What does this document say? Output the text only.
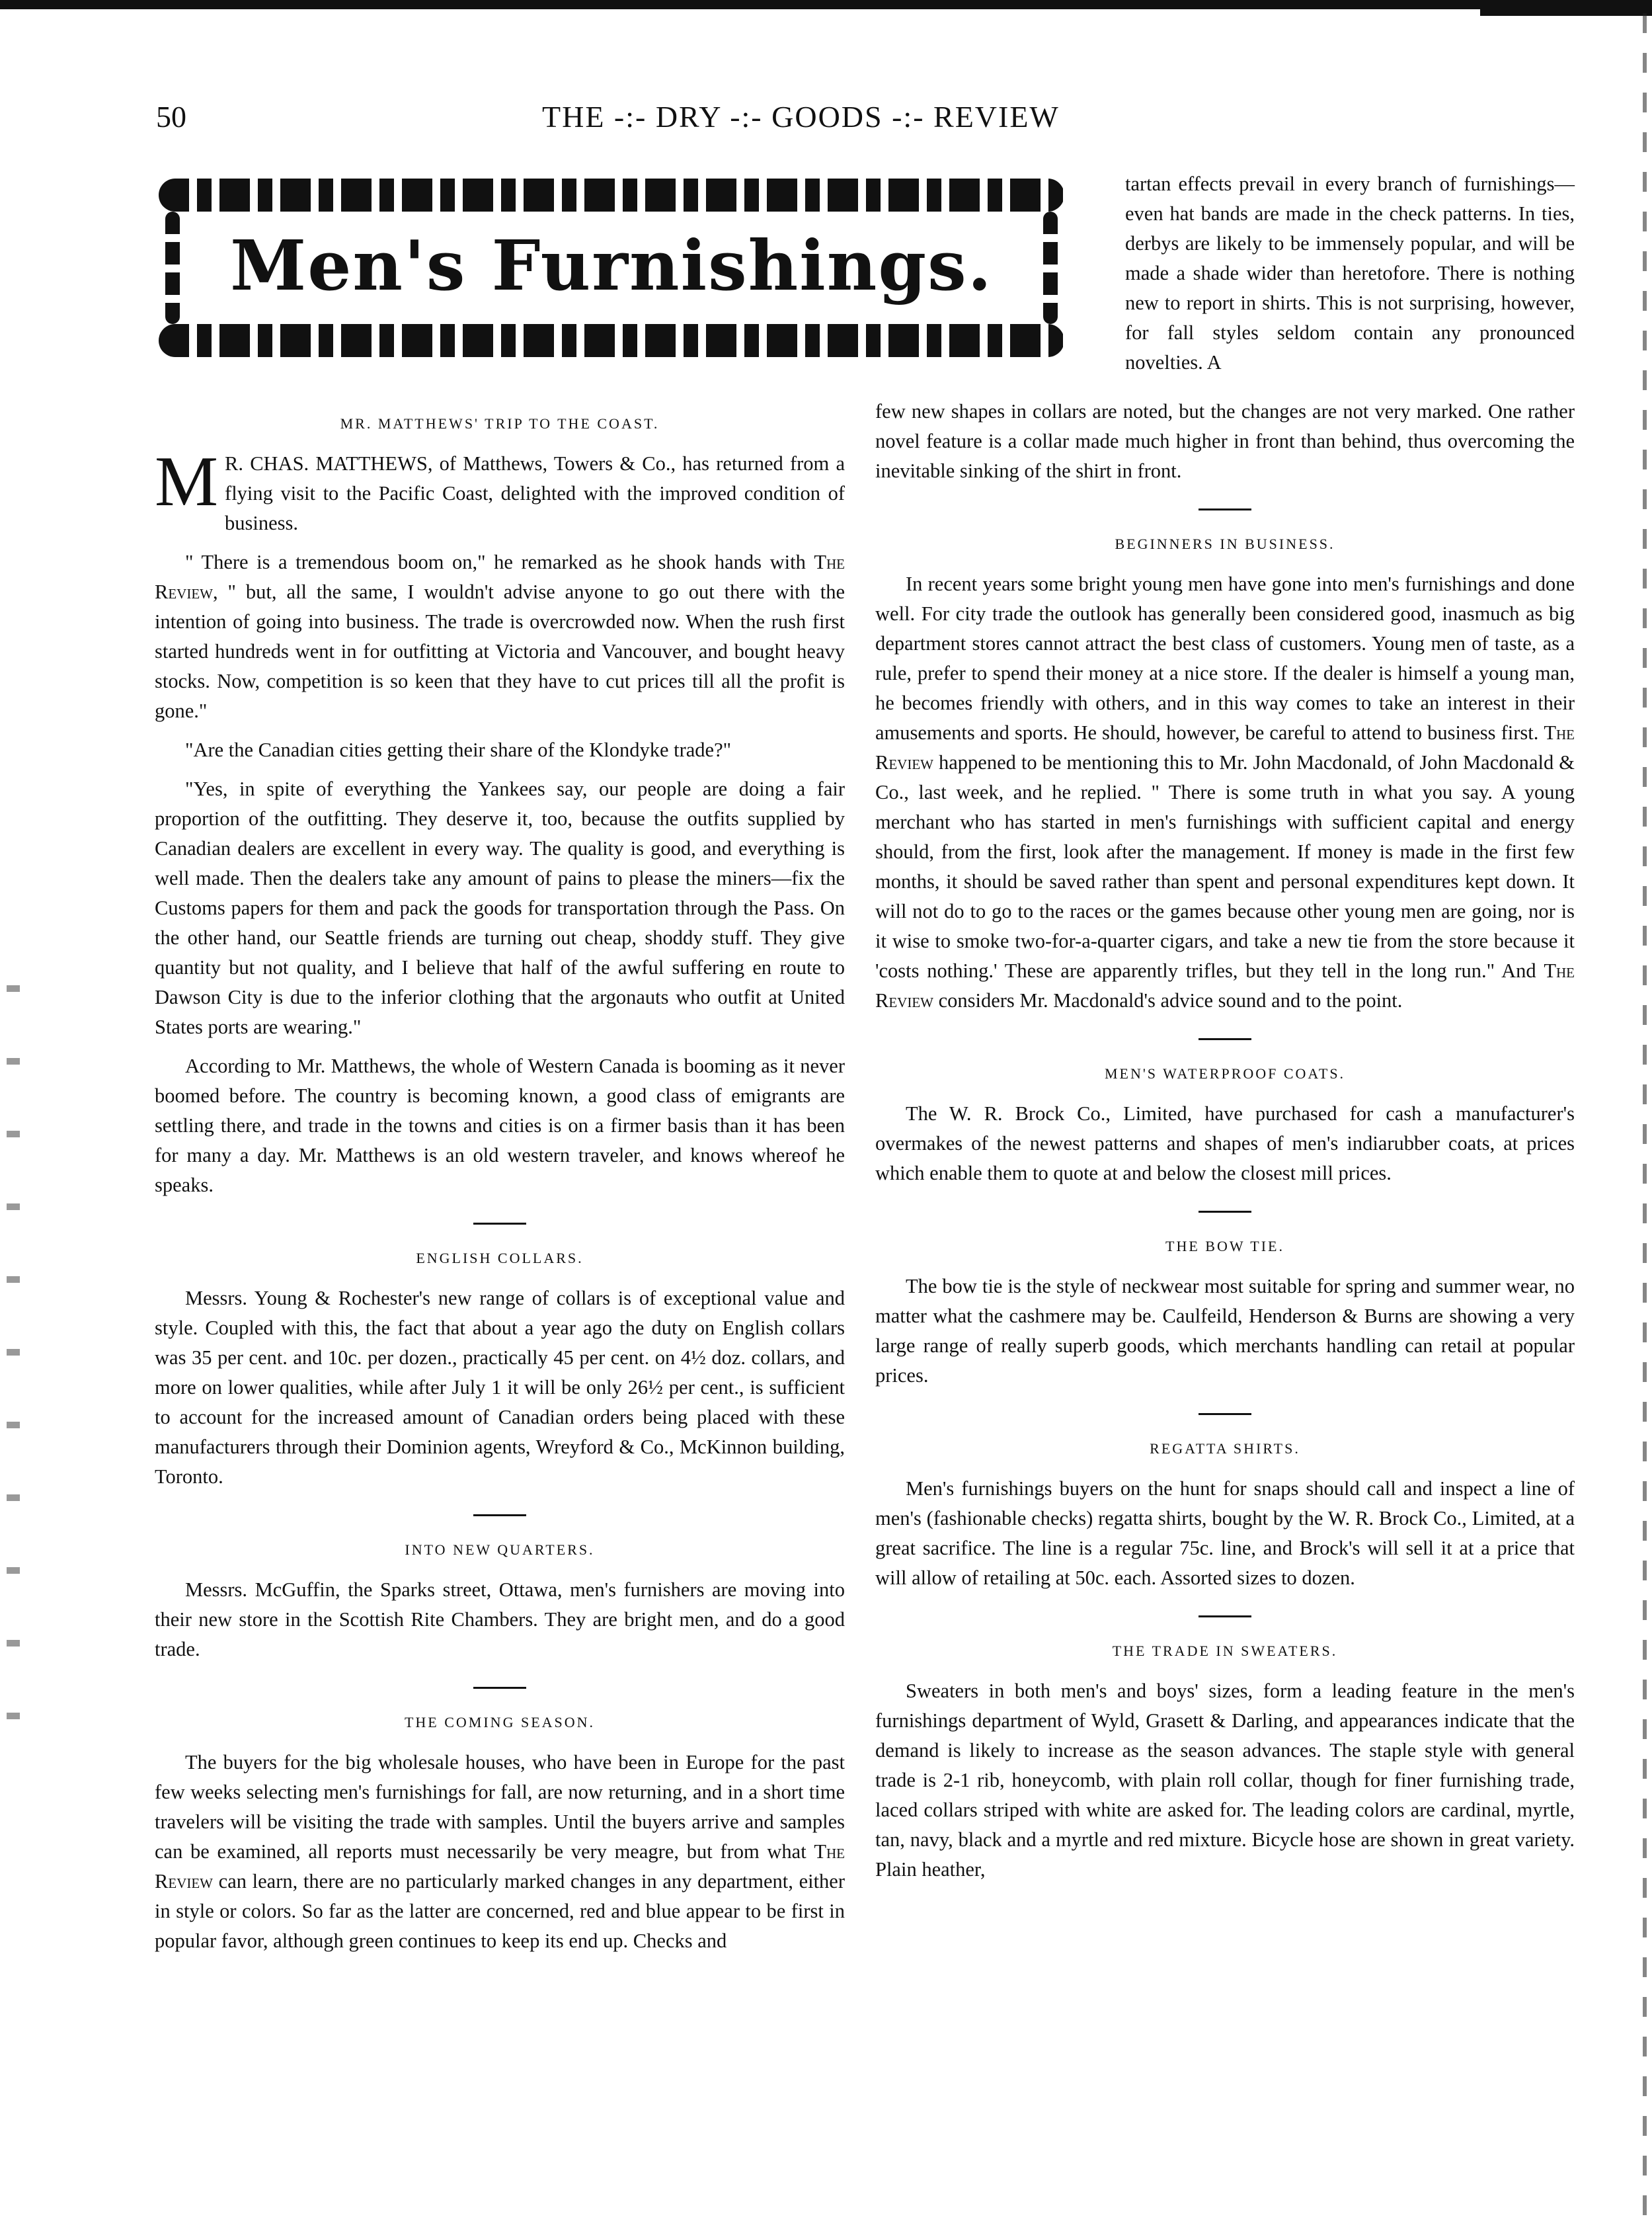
50	THE -:- DRY -:- GOODS -:- REVIEW
Men's Furnishings.

tartan effects prevail in every branch of furnishings—even hat bands are made in the check patterns. In ties, derbys are likely to be immensely popular, and will be made a shade wider than heretofore. There is nothing new to report in shirts. This is not surprising, however, for fall styles seldom contain any pronounced novelties. A

MR. MATTHEWS' TRIP TO THE COAST.

M R. CHAS. MATTHEWS, of Matthews, Towers & Co., has returned from a flying visit to the Pacific Coast, delighted with the improved condition of business.

" There is a tremendous boom on," he remarked as he shook hands with The Review, " but, all the same, I wouldn't advise anyone to go out there with the intention of going into business. The trade is overcrowded now. When the rush first started hundreds went in for outfitting at Victoria and Vancouver, and bought heavy stocks. Now, competition is so keen that they have to cut prices till all the profit is gone."

"Are the Canadian cities getting their share of the Klondyke trade?"

"Yes, in spite of everything the Yankees say, our people are doing a fair proportion of the outfitting. They deserve it, too, because the outfits supplied by Canadian dealers are excellent in every way. The quality is good, and everything is well made. Then the dealers take any amount of pains to please the miners—fix the Customs papers for them and pack the goods for transportation through the Pass. On the other hand, our Seattle friends are turning out cheap, shoddy stuff. They give quantity but not quality, and I believe that half of the awful suffering en route to Dawson City is due to the inferior clothing that the argonauts who outfit at United States ports are wearing."

According to Mr. Matthews, the whole of Western Canada is booming as it never boomed before. The country is becoming known, a good class of emigrants are settling there, and trade in the towns and cities is on a firmer basis than it has been for many a day. Mr. Matthews is an old western traveler, and knows whereof he speaks.

ENGLISH COLLARS.

Messrs. Young & Rochester's new range of collars is of exceptional value and style. Coupled with this, the fact that about a year ago the duty on English collars was 35 per cent. and 10c. per dozen., practically 45 per cent. on 4½ doz. collars, and more on lower qualities, while after July 1 it will be only 26½ per cent., is sufficient to account for the increased amount of Canadian orders being placed with these manufacturers through their Dominion agents, Wreyford & Co., McKinnon building, Toronto.

INTO NEW QUARTERS.

Messrs. McGuffin, the Sparks street, Ottawa, men's furnishers are moving into their new store in the Scottish Rite Chambers. They are bright men, and do a good trade.

THE COMING SEASON.

The buyers for the big wholesale houses, who have been in Europe for the past few weeks selecting men's furnishings for fall, are now returning, and in a short time travelers will be visiting the trade with samples. Until the buyers arrive and samples can be examined, all reports must necessarily be very meagre, but from what The Review can learn, there are no particularly marked changes in any department, either in style or colors. So far as the latter are concerned, red and blue appear to be first in popular favor, although green continues to keep its end up. Checks and

few new shapes in collars are noted, but the changes are not very marked. One rather novel feature is a collar made much higher in front than behind, thus overcoming the inevitable sinking of the shirt in front.

BEGINNERS IN BUSINESS.

In recent years some bright young men have gone into men's furnishings and done well. For city trade the outlook has generally been considered good, inasmuch as big department stores cannot attract the best class of customers. Young men of taste, as a rule, prefer to spend their money at a nice store. If the dealer is himself a young man, he becomes friendly with others, and in this way comes to take an interest in their amusements and sports. He should, however, be careful to attend to business first. The Review happened to be mentioning this to Mr. John Macdonald, of John Macdonald & Co., last week, and he replied. " There is some truth in what you say. A young merchant who has started in men's furnishings with sufficient capital and energy should, from the first, look after the management. If money is made in the first few months, it should be saved rather than spent and personal expenditures kept down. It will not do to go to the races or the games because other young men are going, nor is it wise to smoke two-for-a-quarter cigars, and take a new tie from the store because it 'costs nothing.' These are apparently trifles, but they tell in the long run." And The Review considers Mr. Macdonald's advice sound and to the point.

MEN'S WATERPROOF COATS.

The W. R. Brock Co., Limited, have purchased for cash a manufacturer's overmakes of the newest patterns and shapes of men's indiarubber coats, at prices which enable them to quote at and below the closest mill prices.

THE BOW TIE.

The bow tie is the style of neckwear most suitable for spring and summer wear, no matter what the cashmere may be. Caulfeild, Henderson & Burns are showing a very large range of really superb goods, which merchants handling can retail at popular prices.

REGATTA SHIRTS.

Men's furnishings buyers on the hunt for snaps should call and inspect a line of men's (fashionable checks) regatta shirts, bought by the W. R. Brock Co., Limited, at a great sacrifice. The line is a regular 75c. line, and Brock's will sell it at a price that will allow of retailing at 50c. each. Assorted sizes to dozen.

THE TRADE IN SWEATERS.

Sweaters in both men's and boys' sizes, form a leading feature in the men's furnishings department of Wyld, Grasett & Darling, and appearances indicate that the demand is likely to increase as the season advances. The staple style with general trade is 2-1 rib, honeycomb, with plain roll collar, though for finer furnishing trade, laced collars striped with white are asked for. The leading colors are cardinal, myrtle, tan, navy, black and a myrtle and red mixture. Bicycle hose are shown in great variety. Plain heather,
